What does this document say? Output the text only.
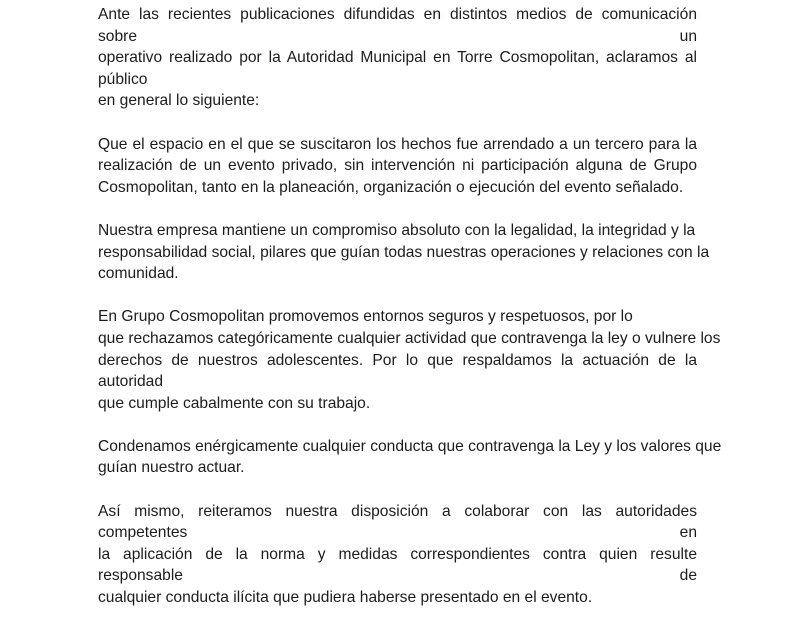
Ante las recientes publicaciones difundidas en distintos medios de comunicación sobre un
operativo realizado por la Autoridad Municipal en Torre Cosmopolitan, aclaramos al público
en general lo siguiente:

Que el espacio en el que se suscitaron los hechos fue arrendado a un tercero para la
realización de un evento privado, sin intervención ni participación alguna de Grupo
Cosmopolitan, tanto en la planeación, organización o ejecución del evento señalado.

Nuestra empresa mantiene un compromiso absoluto con la legalidad, la integridad y la
responsabilidad social, pilares que guían todas nuestras operaciones y relaciones con la
comunidad.

En Grupo Cosmopolitan promovemos entornos seguros y respetuosos, por lo
que rechazamos categóricamente cualquier actividad que contravenga la ley o vulnere los
derechos de nuestros adolescentes. Por lo que respaldamos la actuación de la autoridad
que cumple cabalmente con su trabajo.

Condenamos enérgicamente cualquier conducta que contravenga la Ley y los valores que
guían nuestro actuar.

Así mismo, reiteramos nuestra disposición a colaborar con las autoridades competentes en
la aplicación de la norma y medidas correspondientes contra quien resulte responsable de
cualquier conducta ilícita que pudiera haberse presentado en el evento.
